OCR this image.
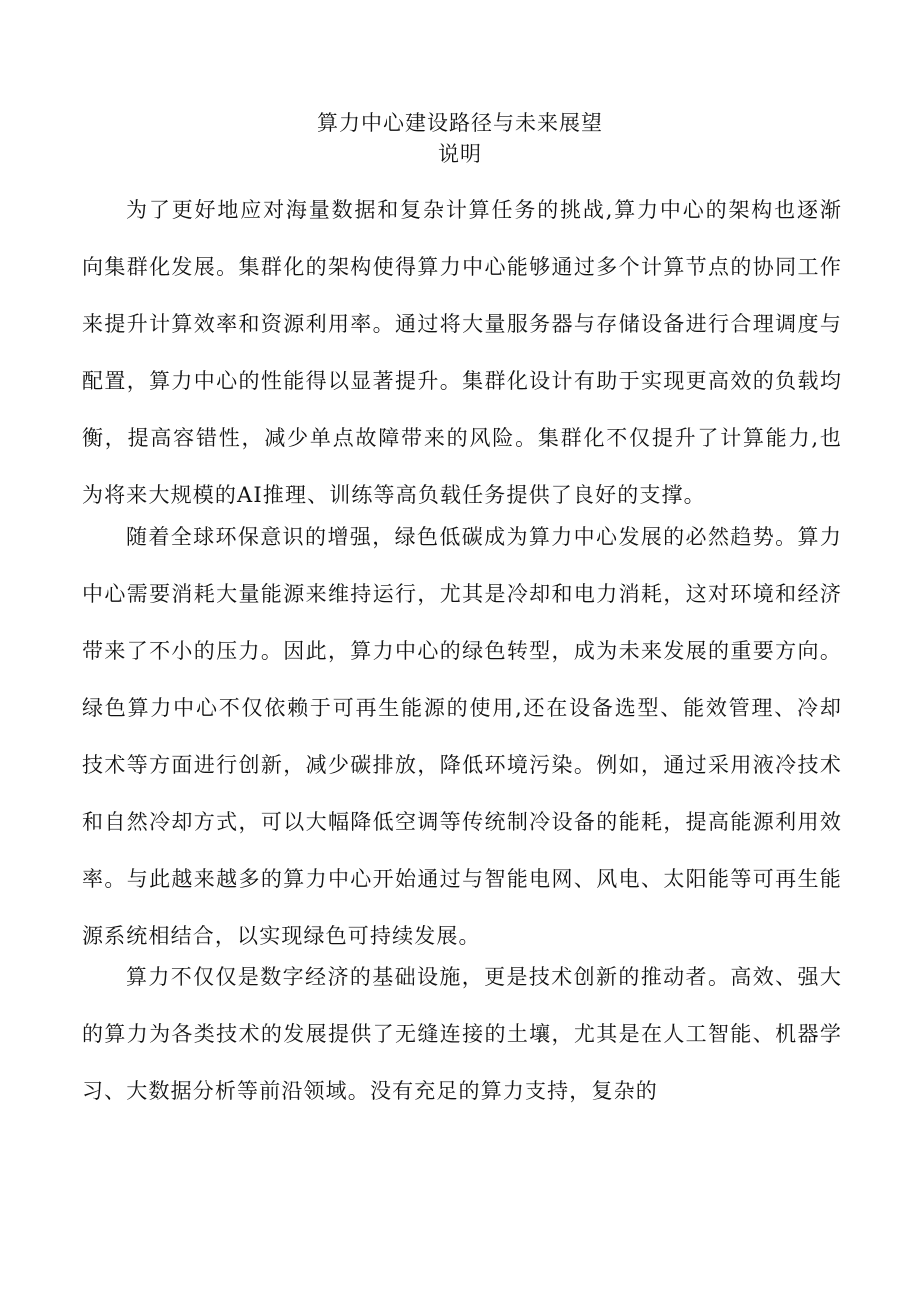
算力中心建设路径与未来展望
说明

为了更好地应对海量数据和复杂计算任务的挑战,算力中心的架构也逐渐向集群化发展。集群化的架构使得算力中心能够通过多个计算节点的协同工作来提升计算效率和资源利用率。通过将大量服务器与存储设备进行合理调度与配置，算力中心的性能得以显著提升。集群化设计有助于实现更高效的负载均衡，提高容错性，减少单点故障带来的风险。集群化不仅提升了计算能力,也为将来大规模的AI推理、训练等高负载任务提供了良好的支撑。

随着全球环保意识的增强，绿色低碳成为算力中心发展的必然趋势。算力中心需要消耗大量能源来维持运行，尤其是冷却和电力消耗，这对环境和经济带来了不小的压力。因此，算力中心的绿色转型，成为未来发展的重要方向。绿色算力中心不仅依赖于可再生能源的使用,还在设备选型、能效管理、冷却技术等方面进行创新，减少碳排放，降低环境污染。例如，通过采用液冷技术和自然冷却方式，可以大幅降低空调等传统制冷设备的能耗，提高能源利用效率。与此越来越多的算力中心开始通过与智能电网、风电、太阳能等可再生能源系统相结合，以实现绿色可持续发展。

算力不仅仅是数字经济的基础设施，更是技术创新的推动者。高效、强大的算力为各类技术的发展提供了无缝连接的土壤，尤其是在人工智能、机器学习、大数据分析等前沿领域。没有充足的算力支持，复杂的
